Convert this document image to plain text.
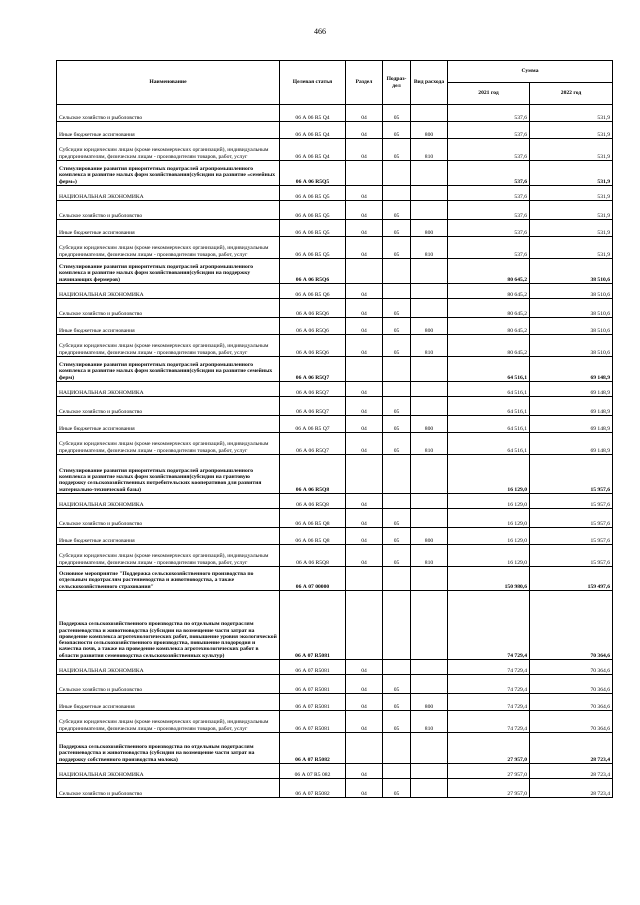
466
Наименование	Целевая статья	Раздел	Подраз-дел	Вид расхода	Сумма	
					2021 год	2022 год
Сельское хозяйство и рыболовство	06 А 06 R5 Q4	04	05		537,6	531,9
Иные бюджетные ассигнования	06 А 06 R5 Q4	04	05	800	537,6	531,9
Субсидии юридическим лицам (кроме некоммерческих организаций), индивидуальным предпринимателям, физическим лицам - производителям товаров, работ, услуг	06 А 06 R5 Q4	04	05	810	537,6	531,9
Стимулирование развития приоритетных подотраслей агропромышленного комплекса и развитие малых форм хозяйствования(субсидии на развитие «семейных ферм»)	06 А 06 R5Q5				537,6	531,9
НАЦИОНАЛЬНАЯ ЭКОНОМИКА	06 А 06 R5 Q5	04			537,6	531,9
Сельское хозяйство и рыболовство	06 А 06 R5 Q5	04	05		537,6	531,9
Иные бюджетные ассигнования	06 А 06 R5 Q5	04	05	800	537,6	531,9
Субсидии юридическим лицам (кроме некоммерческих организаций), индивидуальным предпринимателям, физическим лицам - производителям товаров, работ, услуг	06 А 06 R5 Q5	04	05	810	537,6	531,9
Стимулирование развития приоритетных подотраслей агропромышленного комплекса и развитие малых форм хозяйствования(субсидии на поддержку начинающих фермеров)	06 А 06 R5Q6				80 645,2	38 510,6
НАЦИОНАЛЬНАЯ ЭКОНОМИКА	06 А 06 R5 Q6	04			80 645,2	38 510,6
Сельское хозяйство и рыболовство	06 А 06 R5Q6	04	05		80 645,2	38 510,6
Иные бюджетные ассигнования	06 А 06 R5Q6	04	05	800	80 645,2	38 510,6
Субсидии юридическим лицам (кроме некоммерческих организаций), индивидуальным предпринимателям, физическим лицам - производителям товаров, работ, услуг	06 А 06 R5Q6	04	05	810	80 645,2	38 510,6
Стимулирование развития приоритетных подотраслей агропромышленного комплекса и развитие малых форм хозяйствования(субсидии на развитие семейных ферм)	06 А 06 R5Q7				64 516,1	69 148,9
НАЦИОНАЛЬНАЯ ЭКОНОМИКА	06 А 06 R5Q7	04			64 516,1	69 148,9
Сельское хозяйство и рыболовство	06 А 06 R5Q7	04	05		64 516,1	69 148,9
Иные бюджетные ассигнования	06 А 06 R5 Q7	04	05	800	64 516,1	69 148,9
Субсидии юридическим лицам (кроме некоммерческих организаций), индивидуальным предпринимателям, физическим лицам - производителям товаров, работ, услуг	06 А 06 R5Q7	04	05	810	64 516,1	69 148,9
Стимулирование развития приоритетных подотраслей агропромышленного комплекса и развитие малых форм хозяйствования(субсидии на грантовую поддержку сельскохозяйственных потребительских кооперативов для развития материально-технической базы)	06 А 06 R5Q8				16 129,0	15 957,6
НАЦИОНАЛЬНАЯ ЭКОНОМИКА	06 А 06 R5Q8	04			16 129,0	15 957,6
Сельское хозяйство и рыболовство	06 А 06 R5 Q8	04	05		16 129,0	15 957,6
Иные бюджетные ассигнования	06 А 06 R5 Q8	04	05	800	16 129,0	15 957,6
Субсидии юридическим лицам (кроме некоммерческих организаций), индивидуальным предпринимателям, физическим лицам - производителям товаров, работ, услуг	06 А 06 R5Q8	04	05	810	16 129,0	15 957,6
Основное мероприятие "Поддержка сельскохозяйственного производства по отдельным подотраслям растениеводства и животноводства, а также сельскохозяйственного страхования"	06 А 07 00000				150 980,6	159 497,6
Поддержка сельскохозяйственного производства по отдельным подотраслям растениеводства и животноводства (субсидии на возмещение части затрат на проведение комплекса агротехнологических работ, повышение уровня экологической безопасности сельскохозяйственного производства, повышение плодородия и качества почв, а также на проведение комплекса агротехнологических работ в области развития семеноводства сельскохозяйственных культур)	06 А 07 R5081				74 729,4	70 364,6
НАЦИОНАЛЬНАЯ ЭКОНОМИКА	06 А 07 R5081	04			74 729,4	70 364,6
Сельское хозяйство и рыболовство	06 А 07 R5081	04	05		74 729,4	70 364,6
Иные бюджетные ассигнования	06 А 07 R5081	04	05	800	74 729,4	70 364,6
Субсидии юридическим лицам (кроме некоммерческих организаций), индивидуальным предпринимателям, физическим лицам - производителям товаров, работ, услуг	06 А 07 R5081	04	05	810	74 729,4	70 364,6
Поддержка сельскохозяйственного производства по отдельным подотраслям растениеводства и животноводства (субсидии на возмещение части затрат на поддержку собственного производства молока)	06 А 07 R5082				27 957,0	28 723,4
НАЦИОНАЛЬНАЯ ЭКОНОМИКА	06 А 07 R5 082	04			27 957,0	28 723,4
Сельское хозяйство и рыболовство	06 А 07 R5082	04	05		27 957,0	28 723,4
